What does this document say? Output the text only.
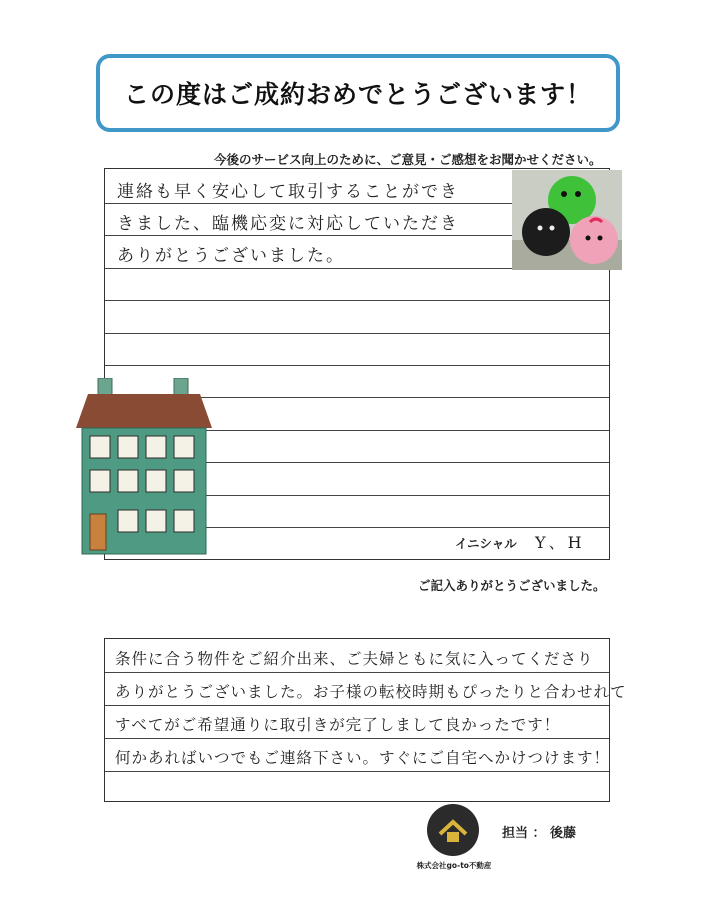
この度はご成約おめでとうございます！
今後のサービス向上のために、ご意見・ご感想をお聞かせください。
連絡も早く安心して取引することができ
きました、臨機応変に対応していただき
ありがとうございました。
イニシャル Y、H
ご記入ありがとうございました。
条件に合う物件をご紹介出来、ご夫婦ともに気に入ってくださり
ありがとうございました。お子様の転校時期もぴったりと合わせれて
すべてがご希望通りに取引きが完了しまして良かったです！
何かあればいつでもご連絡下さい。すぐにご自宅へかけつけます！
株式会社go-to不動産
担当 ： 後藤
